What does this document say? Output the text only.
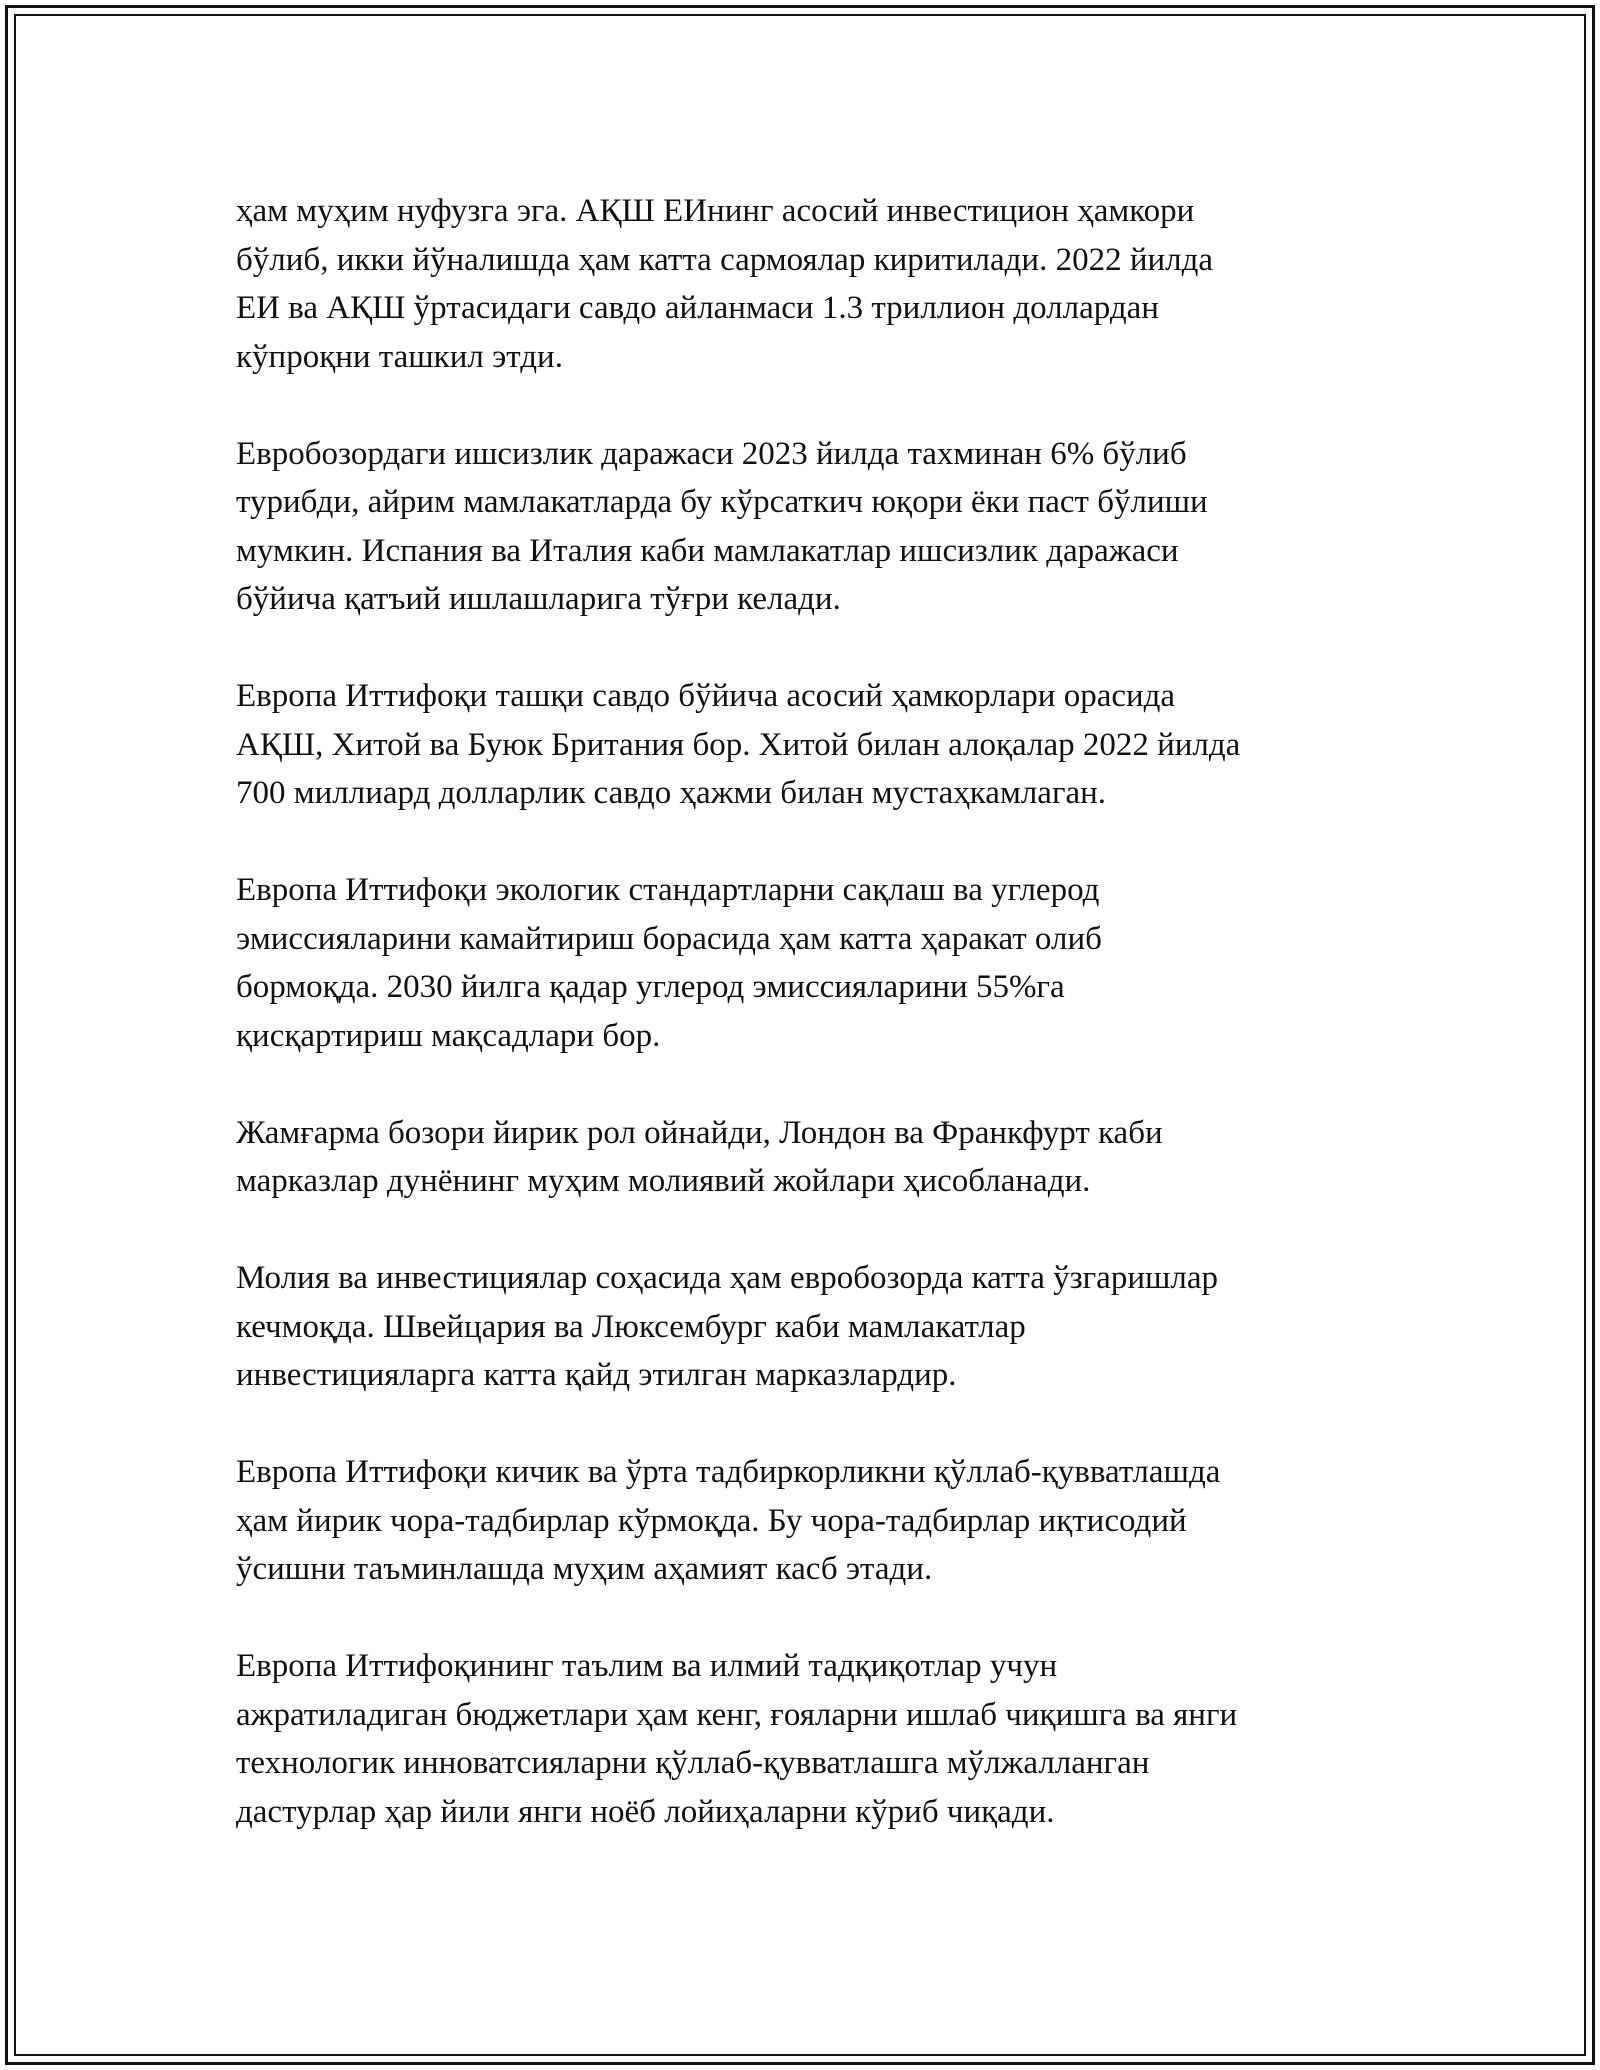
ҳам муҳим нуфузга эга. АҚШ ЕИнинг асосий инвестицион ҳамкори
бўлиб, икки йўналишда ҳам катта сармоялар киритилади. 2022 йилда
ЕИ ва АҚШ ўртасидаги савдо айланмаси 1.3 триллион доллардан
кўпроқни ташкил этди.

Евробозордаги ишсизлик даражаси 2023 йилда тахминан 6% бўлиб
турибди, айрим мамлакатларда бу кўрсаткич юқори ёки паст бўлиши
мумкин. Испания ва Италия каби мамлакатлар ишсизлик даражаси
бўйича қатъий ишлашларига тўғри келади.

Европа Иттифоқи ташқи савдо бўйича асосий ҳамкорлари орасида
АҚШ, Хитой ва Буюк Британия бор. Хитой билан алоқалар 2022 йилда
700 миллиард долларлик савдо ҳажми билан мустаҳкамлаган.

Европа Иттифоқи экологик стандартларни сақлаш ва углерод
эмиссияларини камайтириш борасида ҳам катта ҳаракат олиб
бормоқда. 2030 йилга қадар углерод эмиссияларини 55%га
қисқартириш мақсадлари бор.

Жамғарма бозори йирик рол ойнайди, Лондон ва Франкфурт каби
марказлар дунёнинг муҳим молиявий жойлари ҳисобланади.

Молия ва инвестициялар соҳасида ҳам евробозорда катта ўзгаришлар
кечмоқда. Швейцария ва Люксембург каби мамлакатлар
инвестицияларга катта қайд этилган марказлардир.

Европа Иттифоқи кичик ва ўрта тадбиркорликни қўллаб-қувватлашда
ҳам йирик чора-тадбирлар кўрмоқда. Бу чора-тадбирлар иқтисодий
ўсишни таъминлашда муҳим аҳамият касб этади.

Европа Иттифоқининг таълим ва илмий тадқиқотлар учун
ажратиладиган бюджетлари ҳам кенг, ғояларни ишлаб чиқишга ва янги
технологик инноватсияларни қўллаб-қувватлашга мўлжалланган
дастурлар ҳар йили янги ноёб лойиҳаларни кўриб чиқади.
